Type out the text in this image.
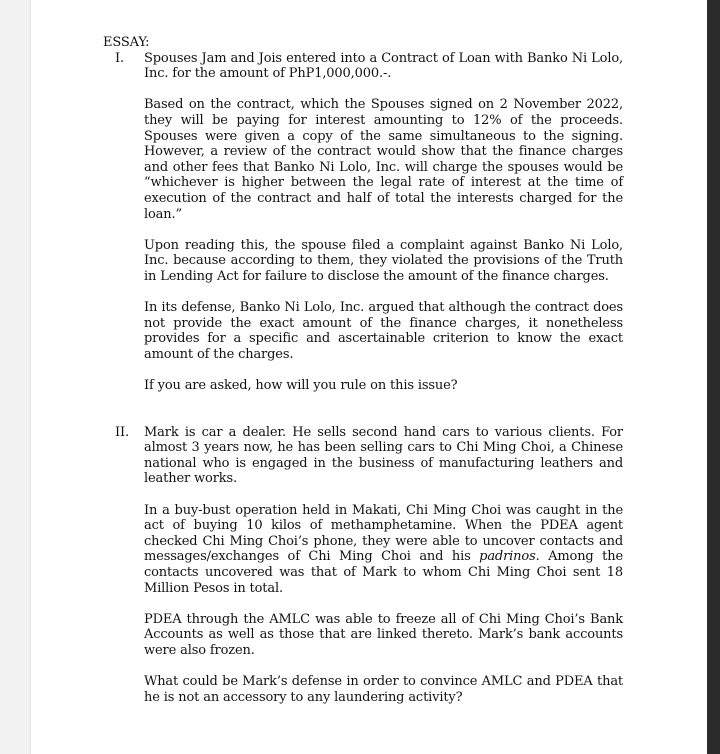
ESSAY:
I. Spouses Jam and Jois entered into a Contract of Loan with Banko Ni Lolo, Inc. for the amount of PhP1,000,000.-.

Based on the contract, which the Spouses signed on 2 November 2022, they will be paying for interest amounting to 12% of the proceeds. Spouses were given a copy of the same simultaneous to the signing. However, a review of the contract would show that the finance charges and other fees that Banko Ni Lolo, Inc. will charge the spouses would be “whichever is higher between the legal rate of interest at the time of execution of the contract and half of total the interests charged for the loan.”

Upon reading this, the spouse filed a complaint against Banko Ni Lolo, Inc. because according to them, they violated the provisions of the Truth in Lending Act for failure to disclose the amount of the finance charges.

In its defense, Banko Ni Lolo, Inc. argued that although the contract does not provide the exact amount of the finance charges, it nonetheless provides for a specific and ascertainable criterion to know the exact amount of the charges.

If you are asked, how will you rule on this issue?

II. Mark is car a dealer. He sells second hand cars to various clients. For almost 3 years now, he has been selling cars to Chi Ming Choi, a Chinese national who is engaged in the business of manufacturing leathers and leather works.

In a buy-bust operation held in Makati, Chi Ming Choi was caught in the act of buying 10 kilos of methamphetamine. When the PDEA agent checked Chi Ming Choi’s phone, they were able to uncover contacts and messages/exchanges of Chi Ming Choi and his padrinos. Among the contacts uncovered was that of Mark to whom Chi Ming Choi sent 18 Million Pesos in total.

PDEA through the AMLC was able to freeze all of Chi Ming Choi’s Bank Accounts as well as those that are linked thereto. Mark’s bank accounts were also frozen.

What could be Mark’s defense in order to convince AMLC and PDEA that he is not an accessory to any laundering activity?
